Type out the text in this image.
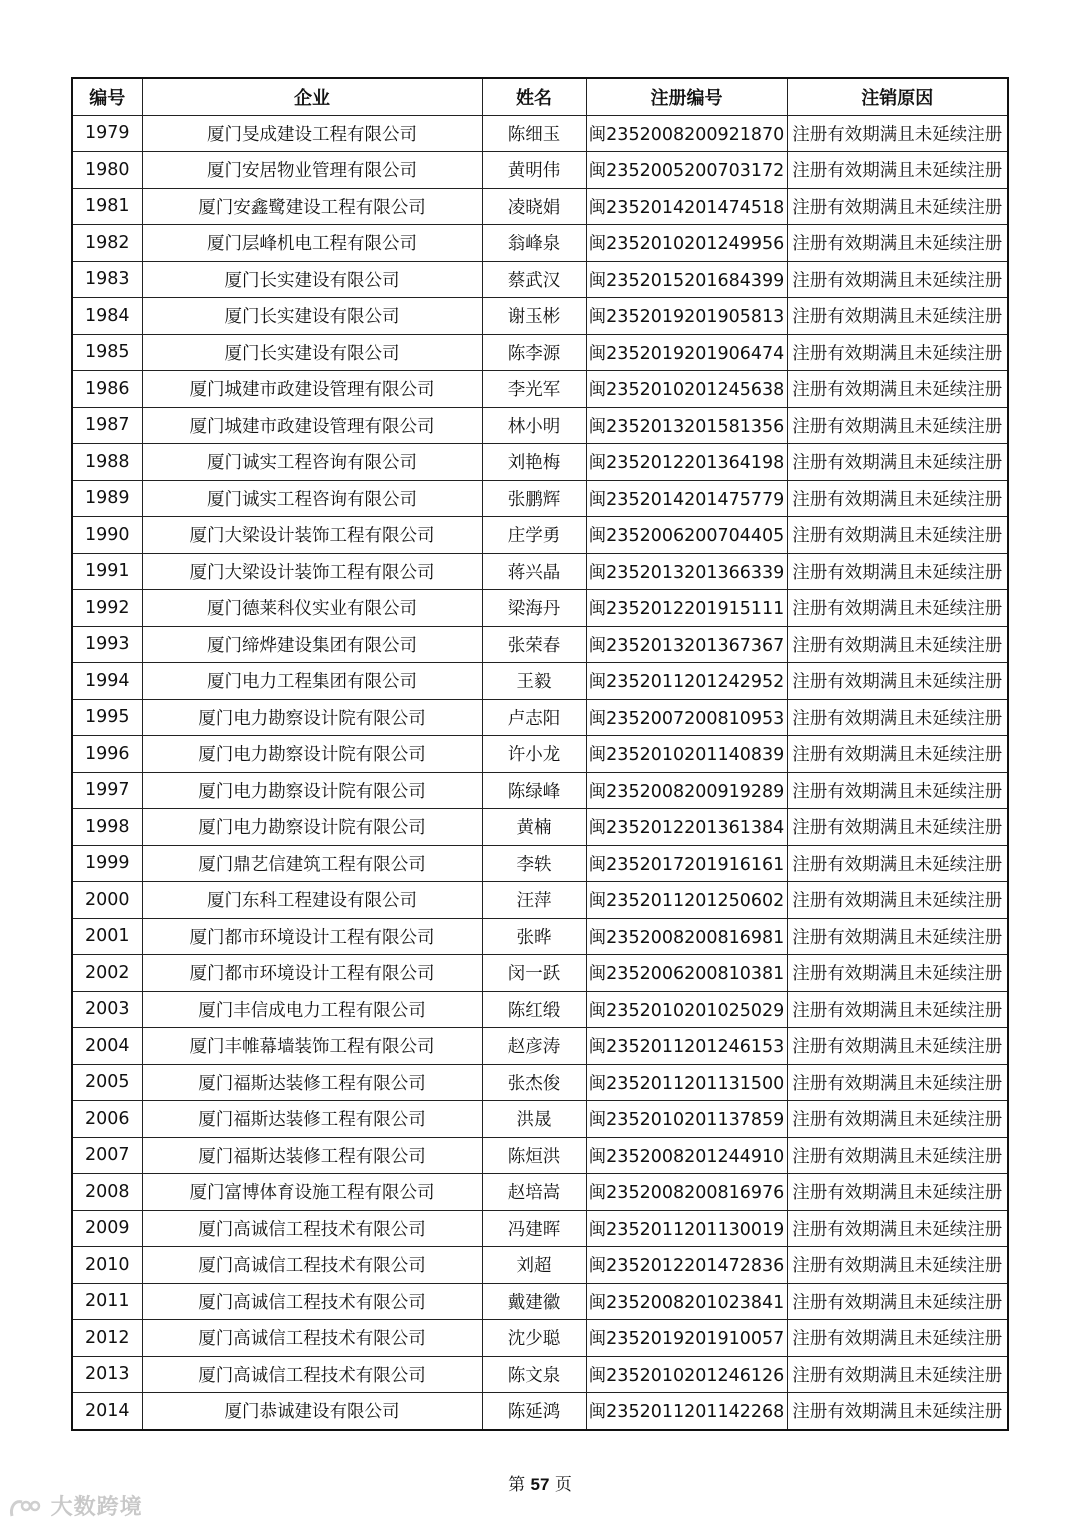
编号	企业	姓名	注册编号	注销原因
1979	厦门旻成建设工程有限公司	陈细玉	闽2352008200921870	注册有效期满且未延续注册
1980	厦门安居物业管理有限公司	黄明伟	闽2352005200703172	注册有效期满且未延续注册
1981	厦门安鑫鹭建设工程有限公司	凌晓娟	闽2352014201474518	注册有效期满且未延续注册
1982	厦门层峰机电工程有限公司	翁峰泉	闽2352010201249956	注册有效期满且未延续注册
1983	厦门长实建设有限公司	蔡武汉	闽2352015201684399	注册有效期满且未延续注册
1984	厦门长实建设有限公司	谢玉彬	闽2352019201905813	注册有效期满且未延续注册
1985	厦门长实建设有限公司	陈李源	闽2352019201906474	注册有效期满且未延续注册
1986	厦门城建市政建设管理有限公司	李光军	闽2352010201245638	注册有效期满且未延续注册
1987	厦门城建市政建设管理有限公司	林小明	闽2352013201581356	注册有效期满且未延续注册
1988	厦门诚实工程咨询有限公司	刘艳梅	闽2352012201364198	注册有效期满且未延续注册
1989	厦门诚实工程咨询有限公司	张鹏辉	闽2352014201475779	注册有效期满且未延续注册
1990	厦门大梁设计装饰工程有限公司	庄学勇	闽2352006200704405	注册有效期满且未延续注册
1991	厦门大梁设计装饰工程有限公司	蒋兴晶	闽2352013201366339	注册有效期满且未延续注册
1992	厦门德莱科仪实业有限公司	梁海丹	闽2352012201915111	注册有效期满且未延续注册
1993	厦门缔烨建设集团有限公司	张荣春	闽2352013201367367	注册有效期满且未延续注册
1994	厦门电力工程集团有限公司	王毅	闽2352011201242952	注册有效期满且未延续注册
1995	厦门电力勘察设计院有限公司	卢志阳	闽2352007200810953	注册有效期满且未延续注册
1996	厦门电力勘察设计院有限公司	许小龙	闽2352010201140839	注册有效期满且未延续注册
1997	厦门电力勘察设计院有限公司	陈绿峰	闽2352008200919289	注册有效期满且未延续注册
1998	厦门电力勘察设计院有限公司	黄楠	闽2352012201361384	注册有效期满且未延续注册
1999	厦门鼎艺信建筑工程有限公司	李轶	闽2352017201916161	注册有效期满且未延续注册
2000	厦门东科工程建设有限公司	汪萍	闽2352011201250602	注册有效期满且未延续注册
2001	厦门都市环境设计工程有限公司	张晔	闽2352008200816981	注册有效期满且未延续注册
2002	厦门都市环境设计工程有限公司	闵一跃	闽2352006200810381	注册有效期满且未延续注册
2003	厦门丰信成电力工程有限公司	陈红缎	闽2352010201025029	注册有效期满且未延续注册
2004	厦门丰帷幕墙装饰工程有限公司	赵彦涛	闽2352011201246153	注册有效期满且未延续注册
2005	厦门福斯达装修工程有限公司	张杰俊	闽2352011201131500	注册有效期满且未延续注册
2006	厦门福斯达装修工程有限公司	洪晟	闽2352010201137859	注册有效期满且未延续注册
2007	厦门福斯达装修工程有限公司	陈烜洪	闽2352008201244910	注册有效期满且未延续注册
2008	厦门富博体育设施工程有限公司	赵培嵩	闽2352008200816976	注册有效期满且未延续注册
2009	厦门高诚信工程技术有限公司	冯建晖	闽2352011201130019	注册有效期满且未延续注册
2010	厦门高诚信工程技术有限公司	刘超	闽2352012201472836	注册有效期满且未延续注册
2011	厦门高诚信工程技术有限公司	戴建徽	闽2352008201023841	注册有效期满且未延续注册
2012	厦门高诚信工程技术有限公司	沈少聪	闽2352019201910057	注册有效期满且未延续注册
2013	厦门高诚信工程技术有限公司	陈文泉	闽2352010201246126	注册有效期满且未延续注册
2014	厦门恭诚建设有限公司	陈延鸿	闽2352011201142268	注册有效期满且未延续注册
第 57 页
大数跨境
